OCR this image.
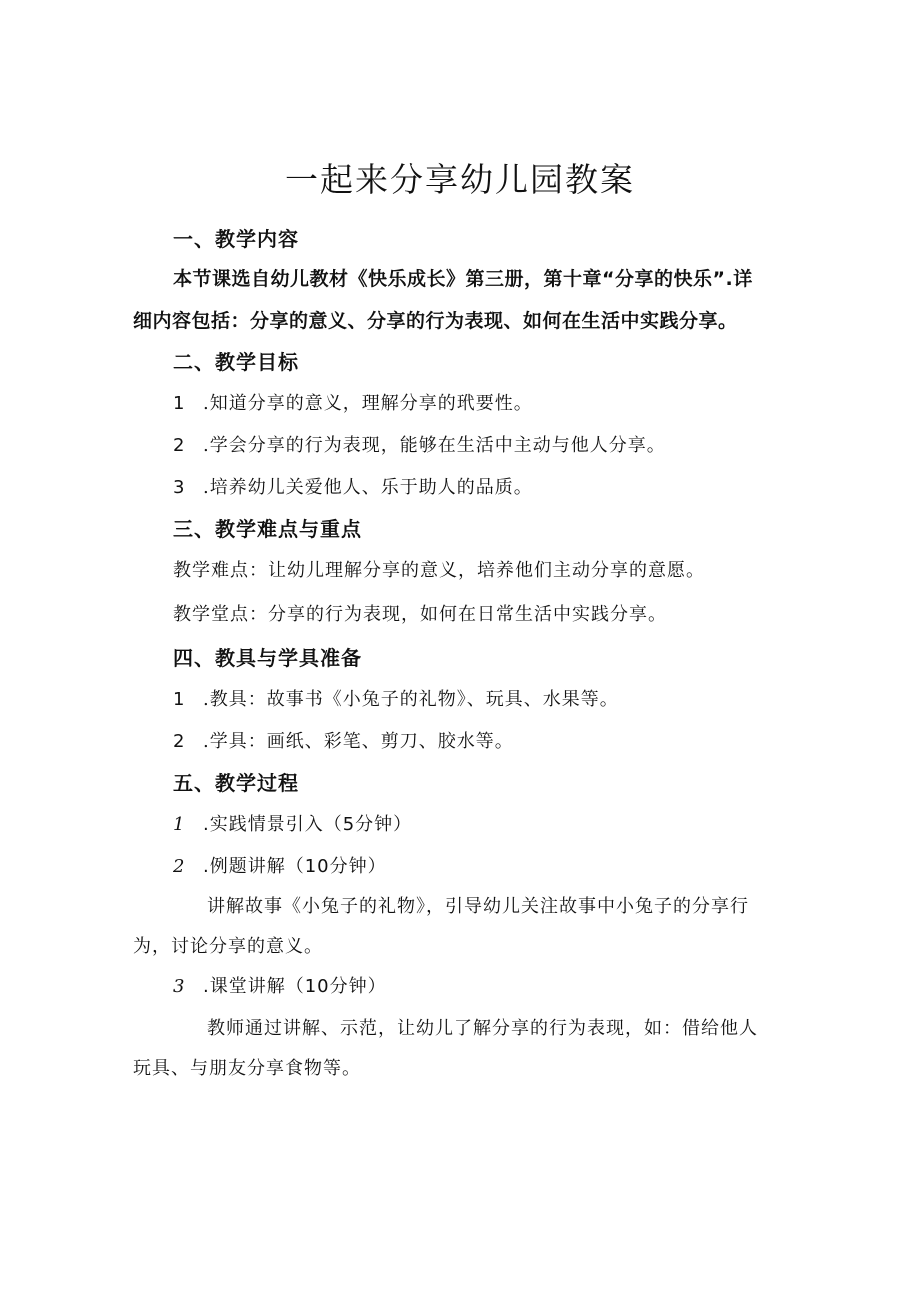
一起来分享幼儿园教案
一、教学内容
本节课选自幼儿教材《快乐成长》第三册，第十章“分享的快乐”.详
细内容包括：分享的意义、分享的行为表现、如何在生活中实践分享。
二、教学目标
1 .知道分享的意义，理解分享的玳要性。
2 .学会分享的行为表现，能够在生活中主动与他人分享。
3 .培养幼儿关爱他人、乐于助人的品质。
三、教学难点与重点
教学难点：让幼儿理解分享的意义，培养他们主动分享的意愿。
教学堂点：分享的行为表现，如何在日常生活中实践分享。
四、教具与学具准备
1 .教具：故事书《小兔子的礼物》、玩具、水果等。
2 .学具：画纸、彩笔、剪刀、胶水等。
五、教学过程
1 .实践情景引入（5分钟）
2 .例题讲解（10分钟）
讲解故事《小兔子的礼物》，引导幼儿关注故事中小兔子的分享行
为，讨论分享的意义。
3 .课堂讲解（10分钟）
教师通过讲解、示范，让幼儿了解分享的行为表现，如：借给他人
玩具、与朋友分享食物等。
